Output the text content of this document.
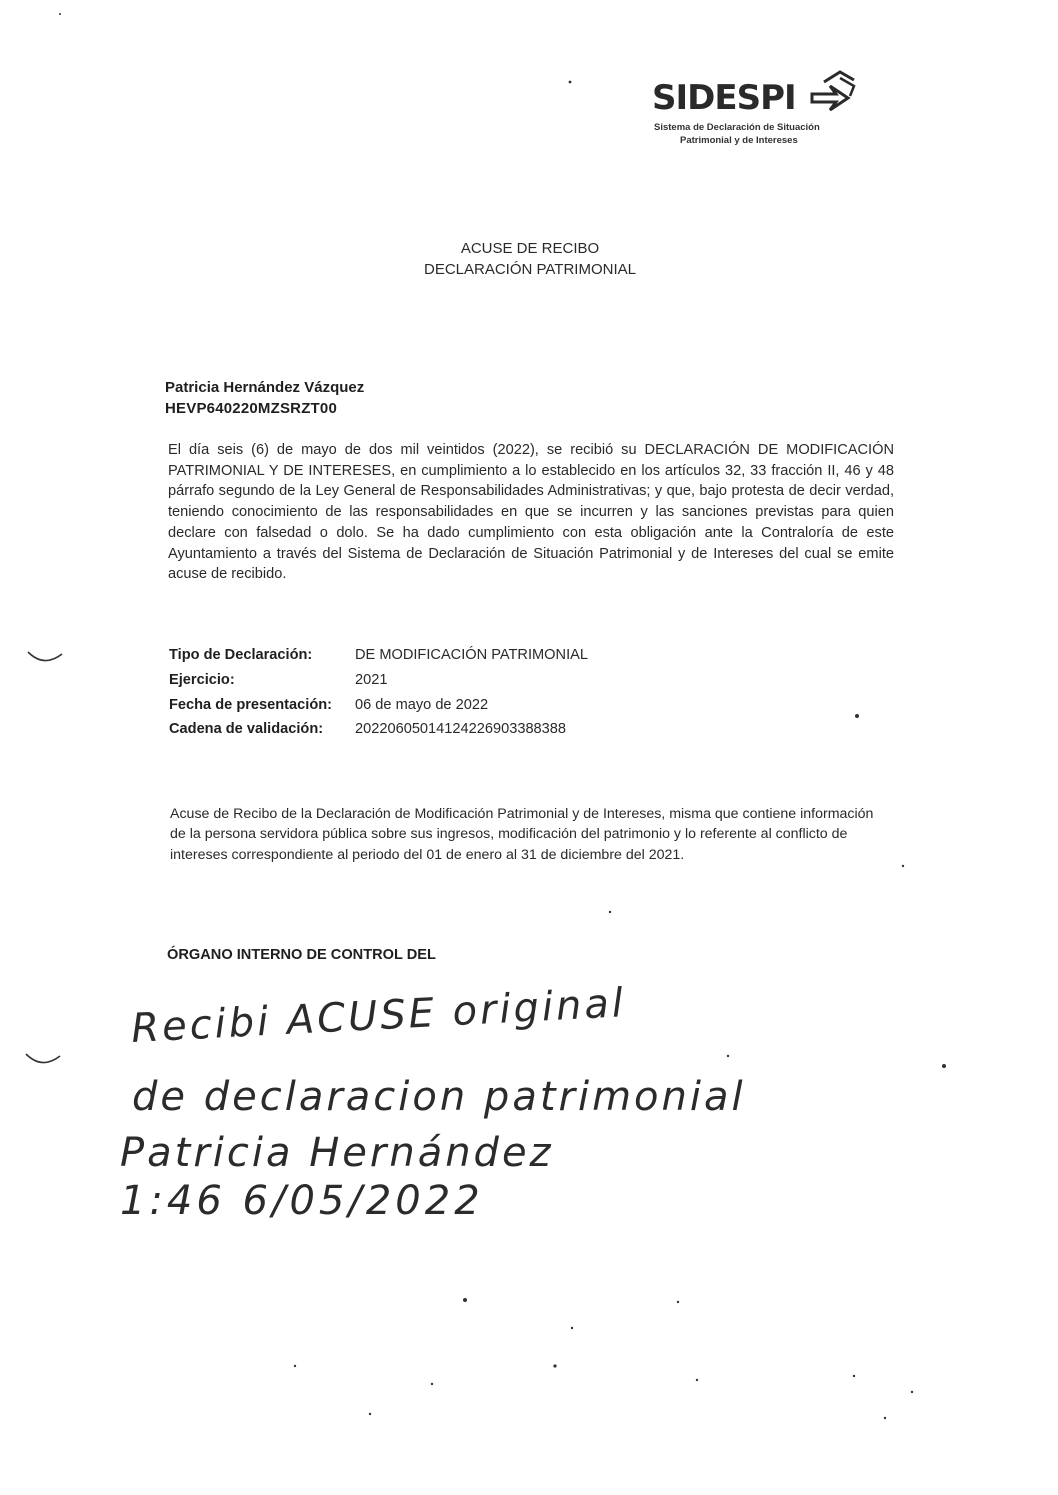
SIDESPI
Sistema de Declaración de Situación
Patrimonial y de Intereses
ACUSE DE RECIBO
DECLARACIÓN PATRIMONIAL
Patricia Hernández Vázquez
HEVP640220MZSRZT00
El día seis (6) de mayo de dos mil veintidos (2022), se recibió su DECLARACIÓN DE MODIFICACIÓN PATRIMONIAL Y DE INTERESES, en cumplimiento a lo establecido en los artículos 32, 33 fracción II, 46 y 48 párrafo segundo de la Ley General de Responsabilidades Administrativas; y que, bajo protesta de decir verdad, teniendo conocimiento de las responsabilidades en que se incurren y las sanciones previstas para quien declare con falsedad o dolo. Se ha dado cumplimiento con esta obligación ante la Contraloría de este Ayuntamiento a través del Sistema de Declaración de Situación Patrimonial y de Intereses del cual se emite acuse de recibido.
Tipo de Declaración:	DE MODIFICACIÓN PATRIMONIAL
Ejercicio:	2021
Fecha de presentación: 06 de mayo de 2022
Cadena de validación: 20220605014124226903388388
Acuse de Recibo de la Declaración de Modificación Patrimonial y de Intereses, misma que contiene información de la persona servidora pública sobre sus ingresos, modificación del patrimonio y lo referente al conflicto de intereses correspondiente al periodo del 01 de enero al 31 de diciembre del 2021.
ÓRGANO INTERNO DE CONTROL DEL
Recibi ACUSE original
de declaracion patrimonial
Patricia Hernández
1:46 6/05/2022
